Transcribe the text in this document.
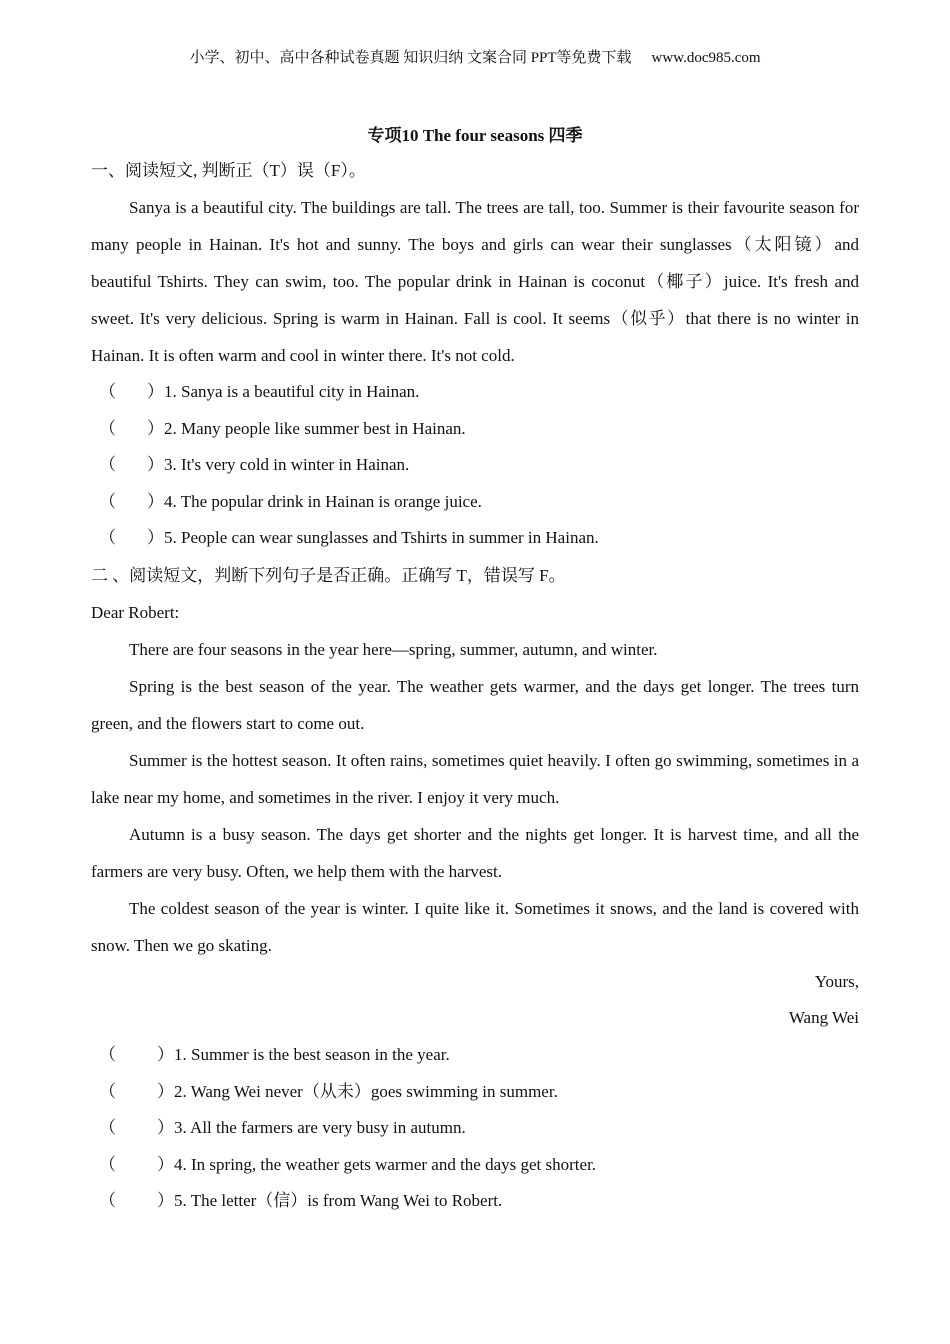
小学、初中、高中各种试卷真题 知识归纳 文案合同 PPT等免费下载 www.doc985.com
专项10 The four seasons 四季
一、阅读短文, 判断正（T）误（F）。

Sanya is a beautiful city. The buildings are tall. The trees are tall, too. Summer is their favourite season for many people in Hainan. It's hot and sunny. The boys and girls can wear their sunglasses（太阳镜）and beautiful Tshirts. They can swim, too. The popular drink in Hainan is coconut（椰子）juice. It's fresh and sweet. It's very delicious. Spring is warm in Hainan. Fall is cool. It seems（似乎）that there is no winter in Hainan. It is often warm and cool in winter there. It's not cold.

（	）1. Sanya is a beautiful city in Hainan.
（	）2. Many people like summer best in Hainan.
（	）3. It's very cold in winter in Hainan.
（	）4. The popular drink in Hainan is orange juice.
（	）5. People can wear sunglasses and Tshirts in summer in Hainan.
二 、阅读短文，判断下列句子是否正确。正确写 T，错误写 F。

Dear Robert:

There are four seasons in the year here—spring, summer, autumn, and winter.

Spring is the best season of the year. The weather gets warmer, and the days get longer. The trees turn green, and the flowers start to come out.

Summer is the hottest season. It often rains, sometimes quiet heavily. I often go swimming, sometimes in a lake near my home, and sometimes in the river. I enjoy it very much.

Autumn is a busy season. The days get shorter and the nights get longer. It is harvest time, and all the farmers are very busy. Often, we help them with the harvest.

The coldest season of the year is winter. I quite like it. Sometimes it snows, and the land is covered with snow. Then we go skating.

Yours,
Wang Wei
（	）1. Summer is the best season in the year.
（	）2. Wang Wei never（从未）goes swimming in summer.
（	）3. All the farmers are very busy in autumn.
（	）4. In spring, the weather gets warmer and the days get shorter.
（	）5. The letter（信）is from Wang Wei to Robert.
